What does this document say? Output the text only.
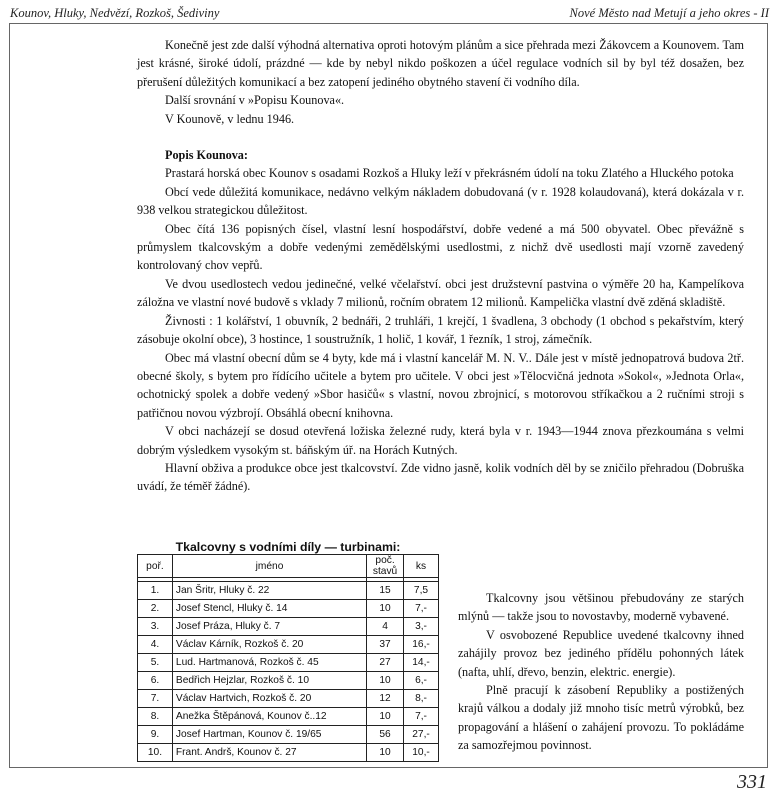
Kounov, Hluky, Nedvězí, Rozkoš, Šediviny	Nové Město nad Metují a jeho okres - II

Konečně jest zde další výhodná alternativa oproti hotovým plánům a sice přehrada mezi Žákovcem a Kounovem. Tam jest krásné, široké údolí, prázdné — kde by nebyl nikdo poškozen a účel regulace vodních sil by byl též dosažen, bez přerušení důležitých komunikací a bez zatopení jediného obytného stavení či vodního díla.

Další srovnání v »Popisu Kounova«.

V Kounově, v lednu 1946.

Popis Kounova:

Prastará horská obec Kounov s osadami Rozkoš a Hluky leží v překrásném údolí na toku Zlatého a Hluckého potoka

Obcí vede důležitá komunikace, nedávno velkým nákladem dobudovaná (v r. 1928 kolaudovaná), která dokázala v r. 938 velkou strategickou důležitost.

Obec čítá 136 popisných čísel, vlastní lesní hospodářství, dobře vedené a má 500 obyvatel. Obec převážně s průmyslem tkalcovským a dobře vedenými zemědělskými usedlostmi, z nichž dvě usedlosti mají vzorně zavedený kontrolovaný chov vepřů.

Ve dvou usedlostech vedou jedinečné, velké včelařství. obci jest družstevní pastvina o výměře 20 ha, Kampelíkova záložna ve vlastní nové budově s vklady 7 milionů, ročním obratem 12 milionů. Kampelička vlastní dvě zděná skladiště.

Živnosti : 1 kolářství, 1 obuvník, 2 bednáři, 2 truhláři, 1 krejčí, 1 švadlena, 3 obchody (1 obchod s pekařstvím, který zásobuje okolní obce), 3 hostince, 1 soustružník, 1 holič, 1 kovář, 1 řezník, 1 stroj, zámečník.

Obec má vlastní obecní dům se 4 byty, kde má i vlastní kancelář M. N. V.. Dále jest v místě jednopatrová budova 2tř. obecné školy, s bytem pro řídícího učitele a bytem pro učitele. V obci jest »Tělocvičná jednota »Sokol«, »Jednota Orla«, ochotnický spolek a dobře vedený »Sbor hasičů« s vlastní, novou zbrojnicí, s motorovou stříkačkou a 2 ručními stroji s patřičnou novou výzbrojí. Obsáhlá obecní knihovna.

V obci nacházejí se dosud otevřená ložiska železné rudy, která byla v r. 1943—1944 znova přezkoumána s velmi dobrým výsledkem vysokým st. báňským úř. na Horách Kutných.

Hlavní obživa a produkce obce jest tkalcovství. Zde vidno jasně, kolik vodních děl by se zničilo přehradou (Dobruška uvádí, že téměř žádné).

Tkalcovny s vodními díly — turbinami:
poř.	jméno	poč. stavů	ks

1.	Jan Šritr, Hluky č. 22	15	7,5
2.	Josef Stencl, Hluky č. 14	10	7,-
3.	Josef Práza, Hluky č. 7	4	3,-
4.	Václav Kárník, Rozkoš č. 20	37	16,-
5.	Lud. Hartmanová, Rozkoš č. 45	27	14,-
6.	Bedřich Hejzlar, Rozkoš č. 10	10	6,-
7.	Václav Hartvich, Rozkoš č. 20	12	8,-
8.	Anežka Štěpánová, Kounov č..12	10	7,-
9.	Josef Hartman, Kounov č. 19/65	56	27,-
10.	Frant. Andrš, Kounov č. 27	10	10,-

Tkalcovny jsou většinou přebudovány ze starých mlýnů — takže jsou to novostavby, moderně vybavené.

V osvobozené Republice uvedené tkalcovny ihned zahájily provoz bez jediného přídělu pohonných látek (nafta, uhlí, dřevo, benzin, elektric. energie).

Plně pracují k zásobení Republiky a postižených krajů válkou a dodaly již mnoho tisíc metrů výrobků, bez propagování a hlášení o zahájení provozu. To pokládáme za samozřejmou povinnost.

331
